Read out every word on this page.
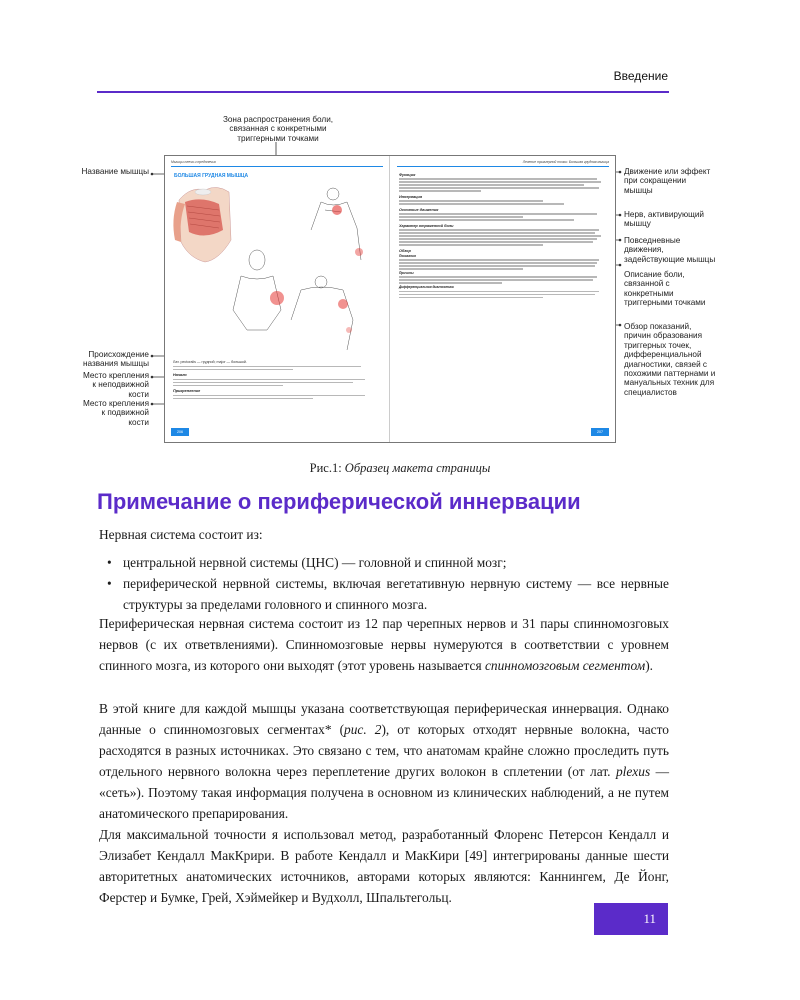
Введение
Зона распространения боли, связанная с конкретными триггерными точками
Название мышцы
Происхождение названия мышцы
Место крепления к неподвижной кости
Место крепления к подвижной кости
Движение или эффект при сокращении мышцы
Нерв, активирующий мышцу
Повседневные движения, задействующие мышцы
Описание боли, связанной с конкретными триггерными точками
Обзор показаний, причин образования триггерных точек, дифференциальной диагностики, связей с похожими паттернами и мануальных техник для специалистов
Мышцы плеча и предплечья
БОЛЬШАЯ ГРУДНАЯ МЫШЦА
Лат. pectoralis — грудной; major — большой.
Начало
Прикрепление
206
Лечение триггерной точки: Большая грудная мышца
Функция
Иннервация
Основные движения
Характер отраженной боли
Обзор
Показания
Причины
Дифференциальная диагностика
207
Рис.1: Образец макета страницы
Примечание о периферической иннервации

Нервная система состоит из:

• центральной нервной системы (ЦНС) — головной и спинной мозг;
• периферической нервной системы, включая вегетативную нервную систему — все нервные структуры за пределами головного и спинного мозга.

Периферическая нервная система состоит из 12 пар черепных нервов и 31 пары спинномозговых нервов (с их ответвлениями). Спинномозговые нервы нумеруются в соответствии с уровнем спинного мозга, из которого они выходят (этот уровень называется спинномозговым сегментом).

В этой книге для каждой мышцы указана соответствующая периферическая иннервация. Однако данные о спинномозговых сегментах* (рис. 2), от которых отходят нервные волокна, часто расходятся в разных источниках. Это связано с тем, что анатомам крайне сложно проследить путь отдельного нервного волокна через переплетение других волокон в сплетении (от лат. plexus — «сеть»). Поэтому такая информация получена в основном из клинических наблюдений, а не путем анатомического препарирования.

Для максимальной точности я использовал метод, разработанный Флоренс Петерсон Кендалл и Элизабет Кендалл МакКрири. В работе Кендалл и МакКири [49] интегрированы данные шести авторитетных анатомических источников, авторами которых являются: Каннингем, Де Йонг, Ферстер и Бумке, Грей, Хэймейкер и Вудхолл, Шпальтегольц.

11
